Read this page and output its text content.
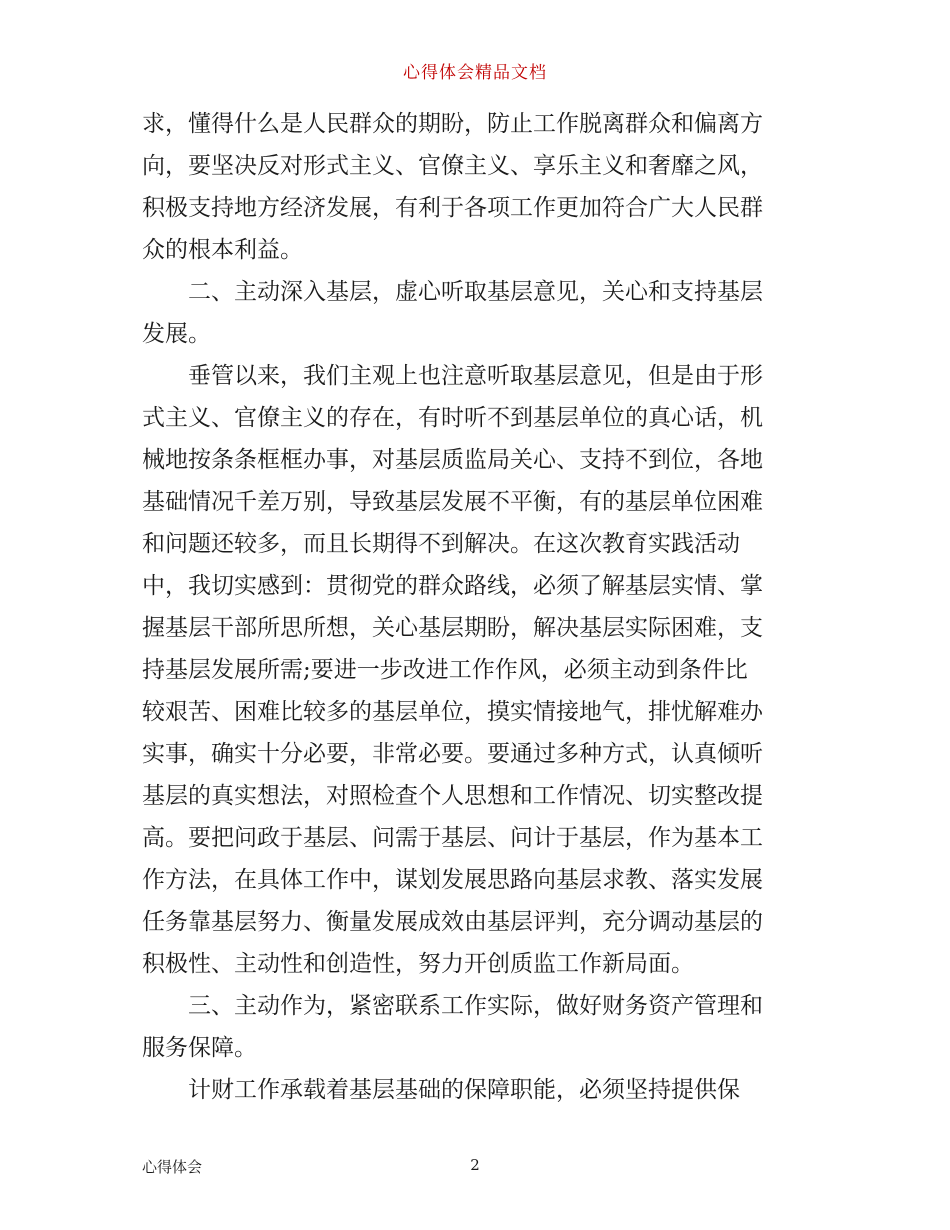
心得体会精品文档

求，懂得什么是人民群众的期盼，防止工作脱离群众和偏离方
向，要坚决反对形式主义、官僚主义、享乐主义和奢靡之风，
积极支持地方经济发展，有利于各项工作更加符合广大人民群
众的根本利益。

　　二、主动深入基层，虚心听取基层意见，关心和支持基层
发展。

　　垂管以来，我们主观上也注意听取基层意见，但是由于形
式主义、官僚主义的存在，有时听不到基层单位的真心话，机
械地按条条框框办事，对基层质监局关心、支持不到位，各地
基础情况千差万别，导致基层发展不平衡，有的基层单位困难
和问题还较多，而且长期得不到解决。在这次教育实践活动
中，我切实感到：贯彻党的群众路线，必须了解基层实情、掌
握基层干部所思所想，关心基层期盼，解决基层实际困难，支
持基层发展所需;要进一步改进工作作风，必须主动到条件比
较艰苦、困难比较多的基层单位，摸实情接地气，排忧解难办
实事，确实十分必要，非常必要。要通过多种方式，认真倾听
基层的真实想法，对照检查个人思想和工作情况、切实整改提
高。要把问政于基层、问需于基层、问计于基层，作为基本工
作方法，在具体工作中，谋划发展思路向基层求教、落实发展
任务靠基层努力、衡量发展成效由基层评判，充分调动基层的
积极性、主动性和创造性，努力开创质监工作新局面。

　　三、主动作为，紧密联系工作实际，做好财务资产管理和
服务保障。

　　计财工作承载着基层基础的保障职能，必须坚持提供保

心得体会	2
